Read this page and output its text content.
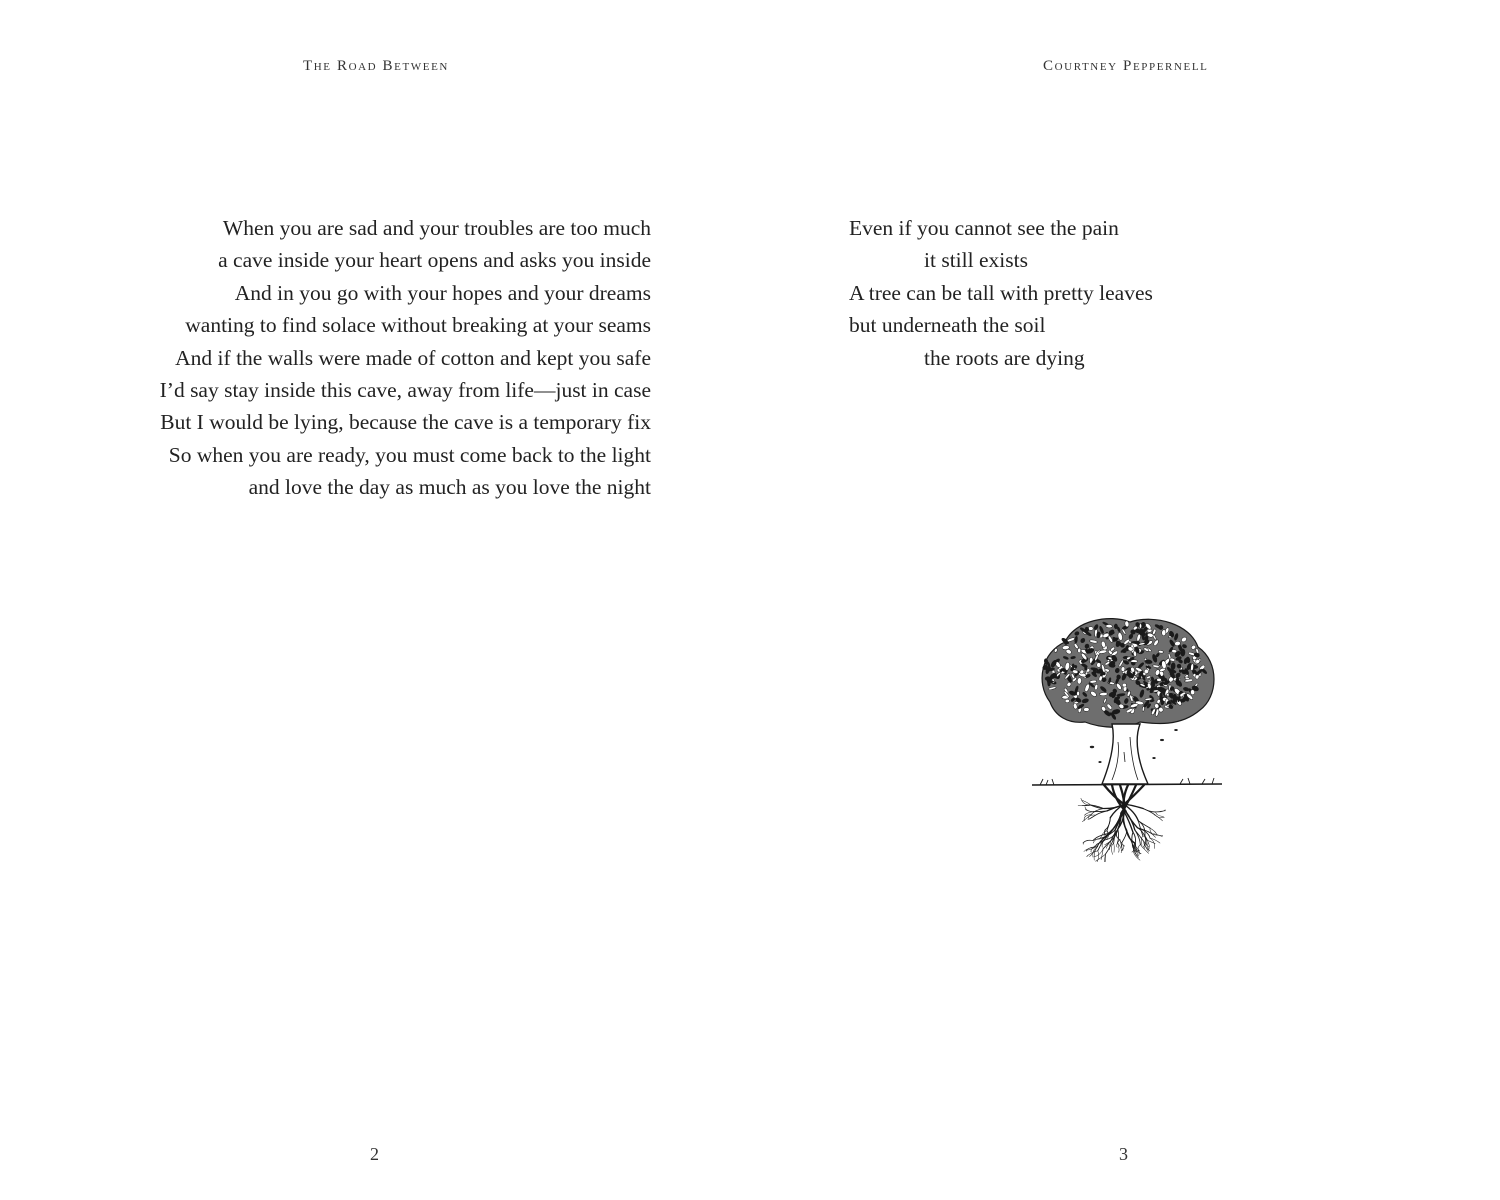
The Road Between
When you are sad and your troubles are too much
a cave inside your heart opens and asks you inside
And in you go with your hopes and your dreams
wanting to find solace without breaking at your seams
And if the walls were made of cotton and kept you safe
I’d say stay inside this cave, away from life—just in case
But I would be lying, because the cave is a temporary fix
So when you are ready, you must come back to the light
and love the day as much as you love the night
2
Courtney Peppernell
Even if you cannot see the pain
it still exists
A tree can be tall with pretty leaves
but underneath the soil
the roots are dying
3
